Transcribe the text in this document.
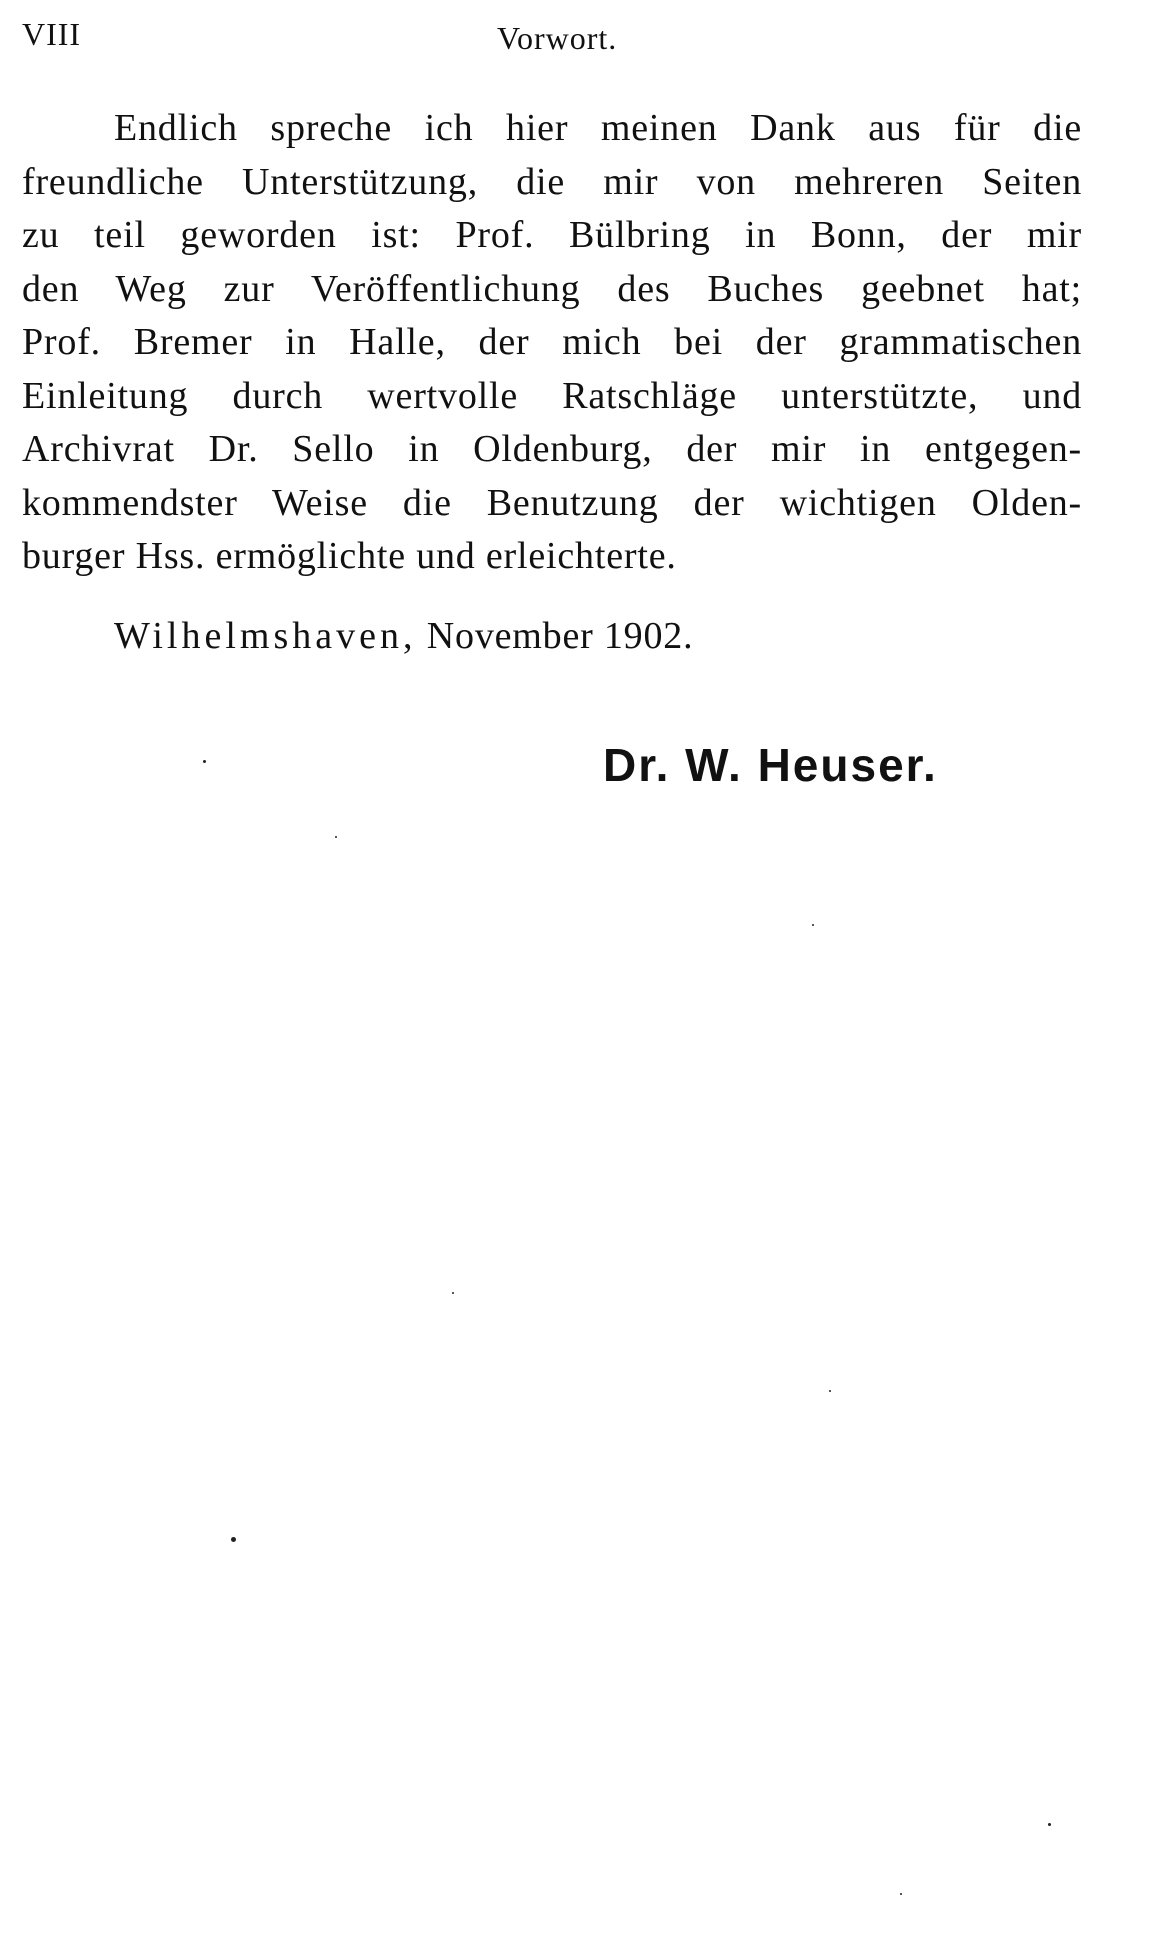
VIII	Vorwort.
Endlich spreche ich hier meinen Dank aus für die
freundliche Unterstützung, die mir von mehreren Seiten
zu teil geworden ist: Prof. Bülbring in Bonn, der mir
den Weg zur Veröffentlichung des Buches geebnet hat;
Prof. Bremer in Halle, der mich bei der grammatischen
Einleitung durch wertvolle Ratschläge unterstützte, und
Archivrat Dr. Sello in Oldenburg, der mir in entgegen-
kommendster Weise die Benutzung der wichtigen Olden-
burger Hss. ermöglichte und erleichterte.
Wilhelmshaven, November 1902.
Dr. W. Heuser.
